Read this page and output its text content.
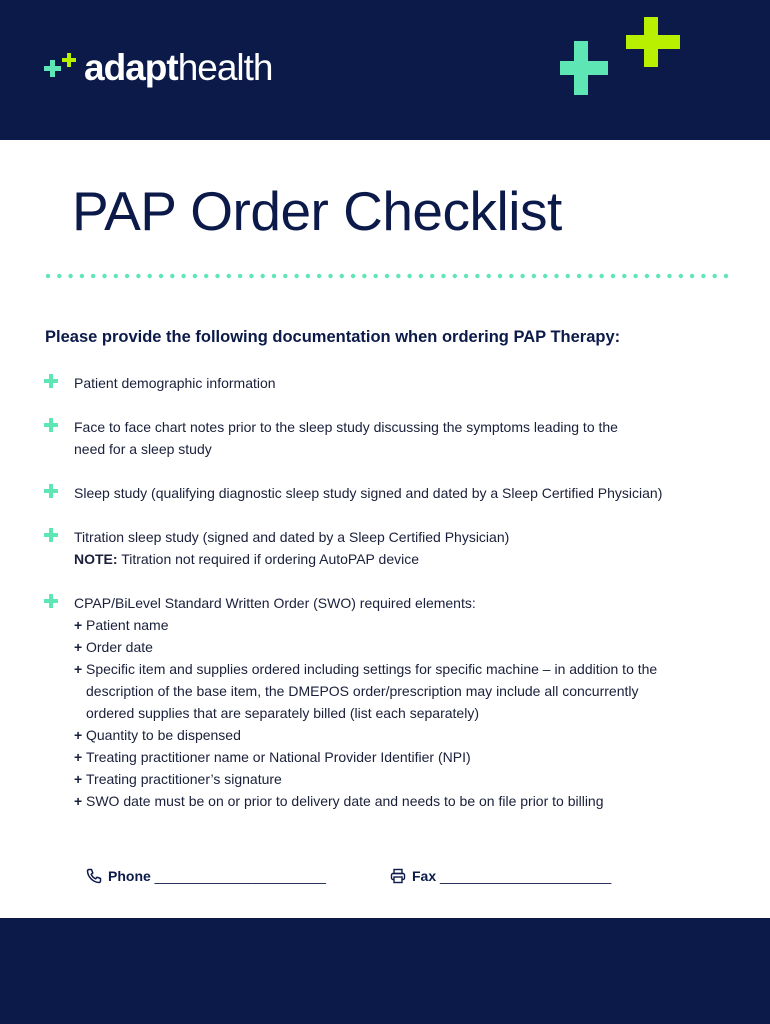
adapthealth
PAP Order Checklist

Please provide the following documentation when ordering PAP Therapy:

Patient demographic information
Face to face chart notes prior to the sleep study discussing the symptoms leading to the
need for a sleep study
Sleep study (qualifying diagnostic sleep study signed and dated by a Sleep Certified Physician)
Titration sleep study (signed and dated by a Sleep Certified Physician)
NOTE: Titration not required if ordering AutoPAP device
CPAP/BiLevel Standard Written Order (SWO) required elements:
+ Patient name
+ Order date
+ Specific item and supplies ordered including settings for specific machine – in addition to the
description of the base item, the DMEPOS order/prescription may include all concurrently
ordered supplies that are separately billed (list each separately)
+ Quantity to be dispensed
+ Treating practitioner name or National Provider Identifier (NPI)
+ Treating practitioner’s signature
+ SWO date must be on or prior to delivery date and needs to be on file prior to billing
Phone
______________________	Fax
______________________
